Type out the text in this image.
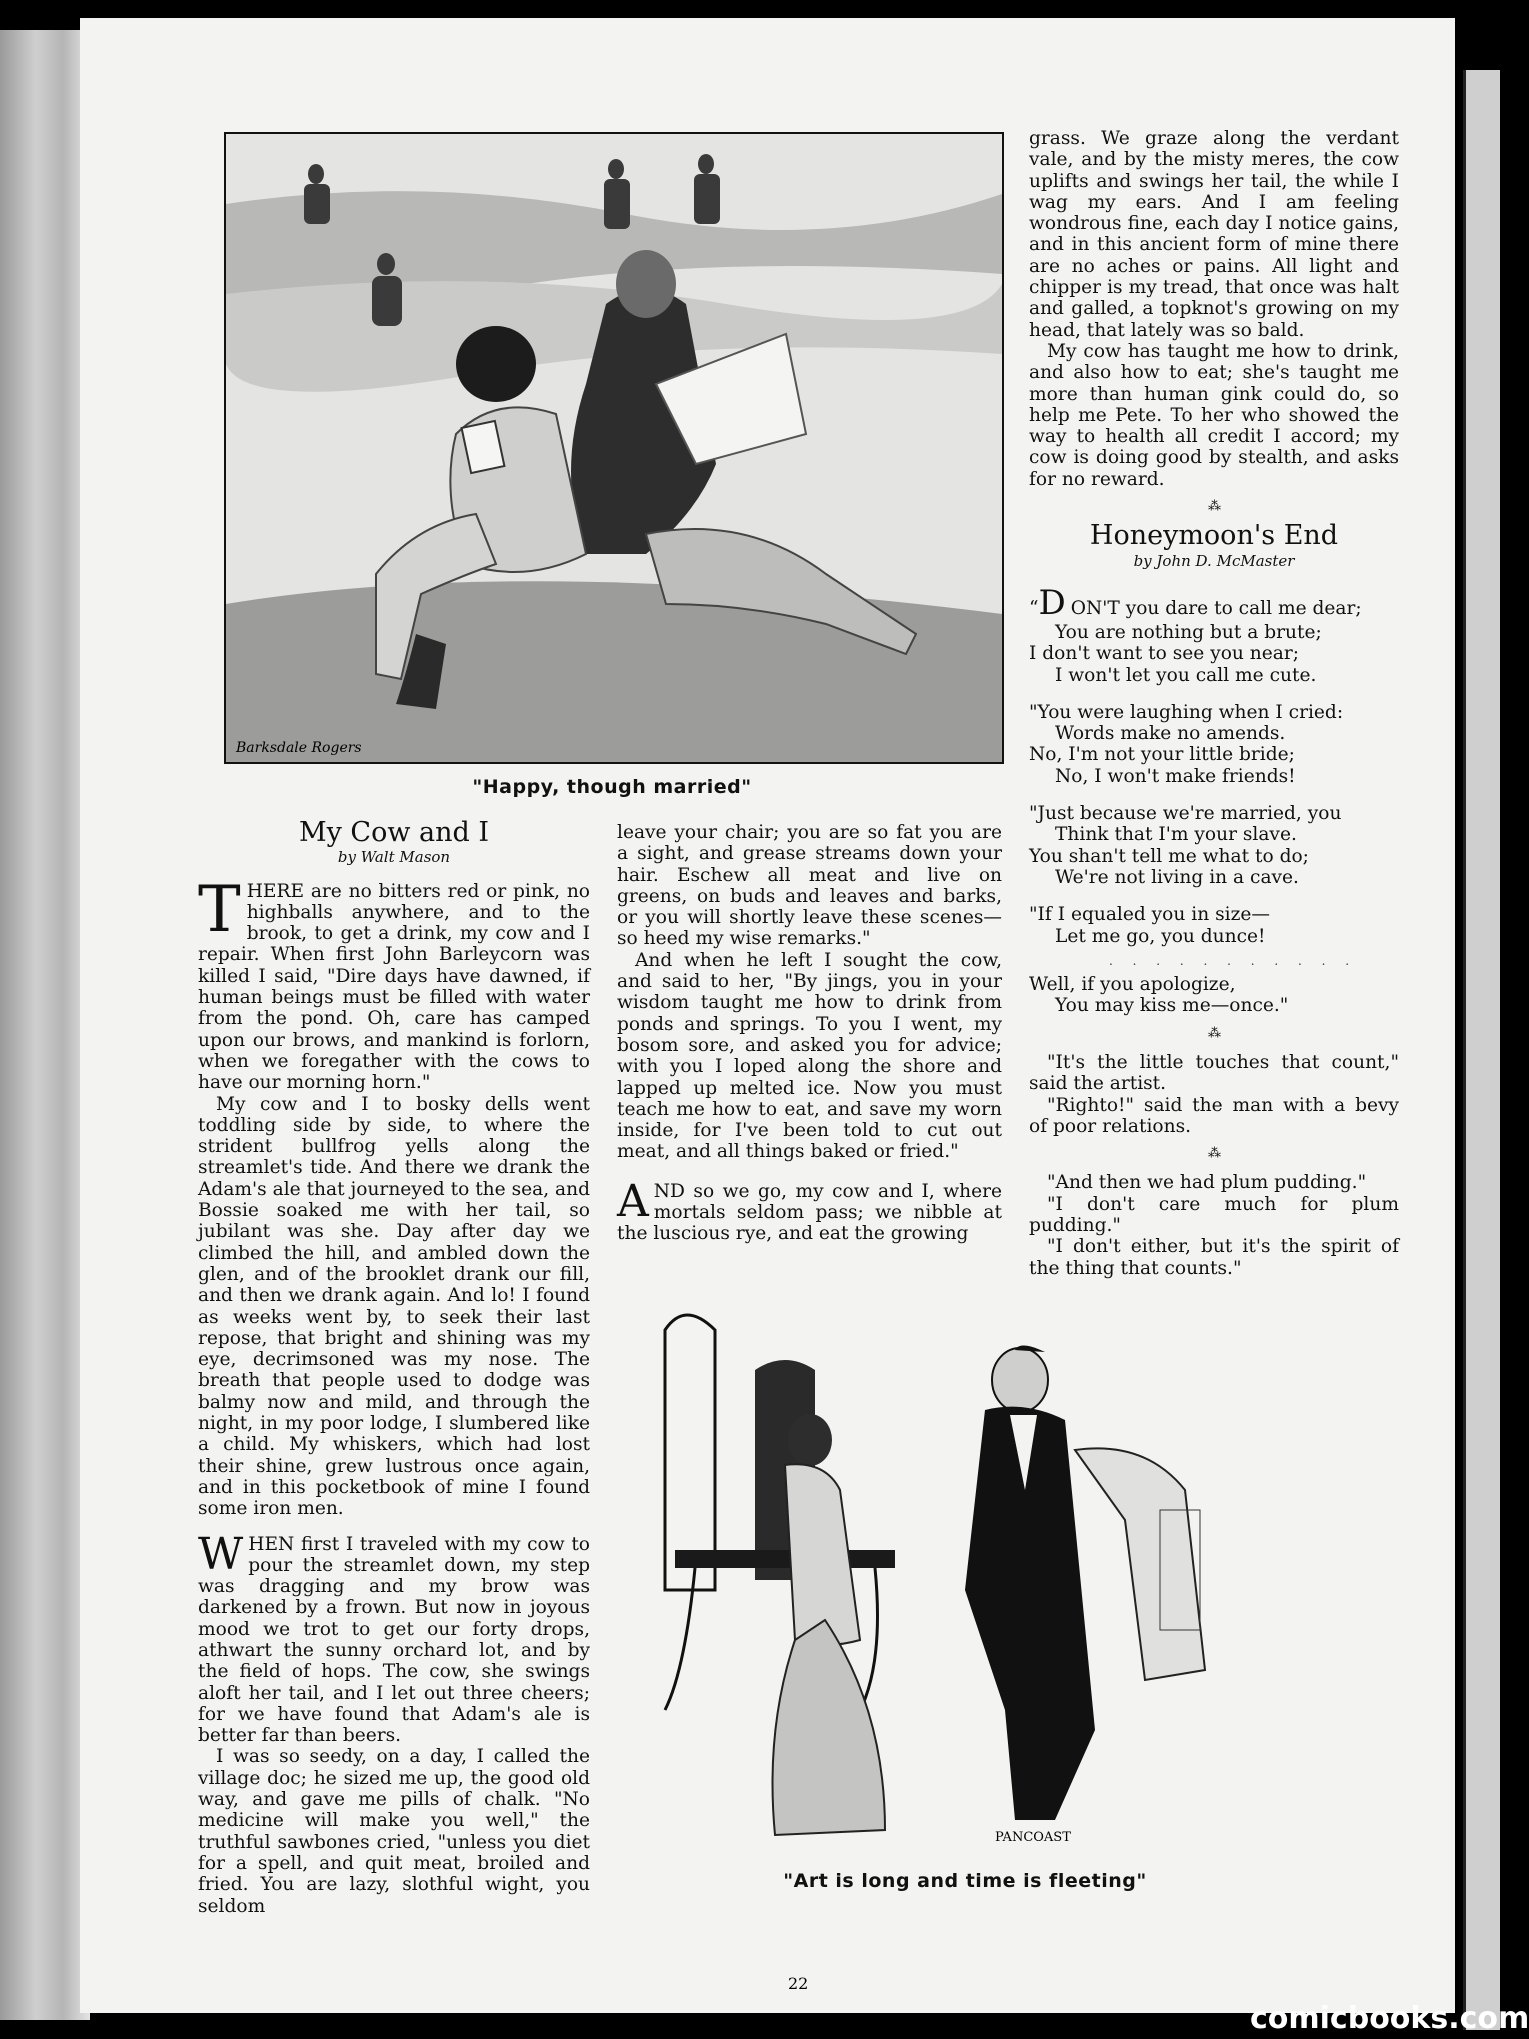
Barksdale Rogers
"Happy, though married"
My Cow and I
by Walt Mason

THERE are no bitters red or pink, no highballs anywhere, and to the brook, to get a drink, my cow and I repair. When first John Barleycorn was killed I said, "Dire days have dawned, if human beings must be filled with water from the pond. Oh, care has camped upon our brows, and mankind is forlorn, when we foregather with the cows to have our morning horn."

My cow and I to bosky dells went toddling side by side, to where the strident bullfrog yells along the streamlet's tide. And there we drank the Adam's ale that journeyed to the sea, and Bossie soaked me with her tail, so jubilant was she. Day after day we climbed the hill, and ambled down the glen, and of the brooklet drank our fill, and then we drank again. And lo! I found as weeks went by, to seek their last repose, that bright and shining was my eye, decrimsoned was my nose. The breath that people used to dodge was balmy now and mild, and through the night, in my poor lodge, I slumbered like a child. My whiskers, which had lost their shine, grew lustrous once again, and in this pocketbook of mine I found some iron men.

WHEN first I traveled with my cow to pour the streamlet down, my step was dragging and my brow was darkened by a frown. But now in joyous mood we trot to get our forty drops, athwart the sunny orchard lot, and by the field of hops. The cow, she swings aloft her tail, and I let out three cheers; for we have found that Adam's ale is better far than beers.

I was so seedy, on a day, I called the village doc; he sized me up, the good old way, and gave me pills of chalk. "No medicine will make you well," the truthful sawbones cried, "unless you diet for a spell, and quit meat, broiled and fried. You are lazy, slothful wight, you seldom

leave your chair; you are so fat you are a sight, and grease streams down your hair. Eschew all meat and live on greens, on buds and leaves and barks, or you will shortly leave these scenes—so heed my wise remarks."

And when he left I sought the cow, and said to her, "By jings, you in your wisdom taught me how to drink from ponds and springs. To you I went, my bosom sore, and asked you for advice; with you I loped along the shore and lapped up melted ice. Now you must teach me how to eat, and save my worn inside, for I've been told to cut out meat, and all things baked or fried."

AND so we go, my cow and I, where mortals seldom pass; we nibble at the luscious rye, and eat the growing

grass. We graze along the verdant vale, and by the misty meres, the cow uplifts and swings her tail, the while I wag my ears. And I am feeling wondrous fine, each day I notice gains, and in this ancient form of mine there are no aches or pains. All light and chipper is my tread, that once was halt and galled, a topknot's growing on my head, that lately was so bald.

My cow has taught me how to drink, and also how to eat; she's taught me more than human gink could do, so help me Pete. To her who showed the way to health all credit I accord; my cow is doing good by stealth, and asks for no reward.

⁂
Honeymoon's End
by John D. McMaster
“D ON'T you dare to call me dear;
You are nothing but a brute;
I don't want to see you near;
I won't let you call me cute.
"You were laughing when I cried:
Words make no amends.
No, I'm not your little bride;
No, I won't make friends!
"Just because we're married, you
Think that I'm your slave.
You shan't tell me what to do;
We're not living in a cave.
"If I equaled you in size—
Let me go, you dunce!
. . . . . . . . . . .
Well, if you apologize,
You may kiss me—once."
⁂

"It's the little touches that count," said the artist.

"Righto!" said the man with a bevy of poor relations.

⁂

"And then we had plum pudding."

"I don't care much for plum pudding."

"I don't either, but it's the spirit of the thing that counts."

PANCOAST
"Art is long and time is fleeting"
22
comicbooks.com
